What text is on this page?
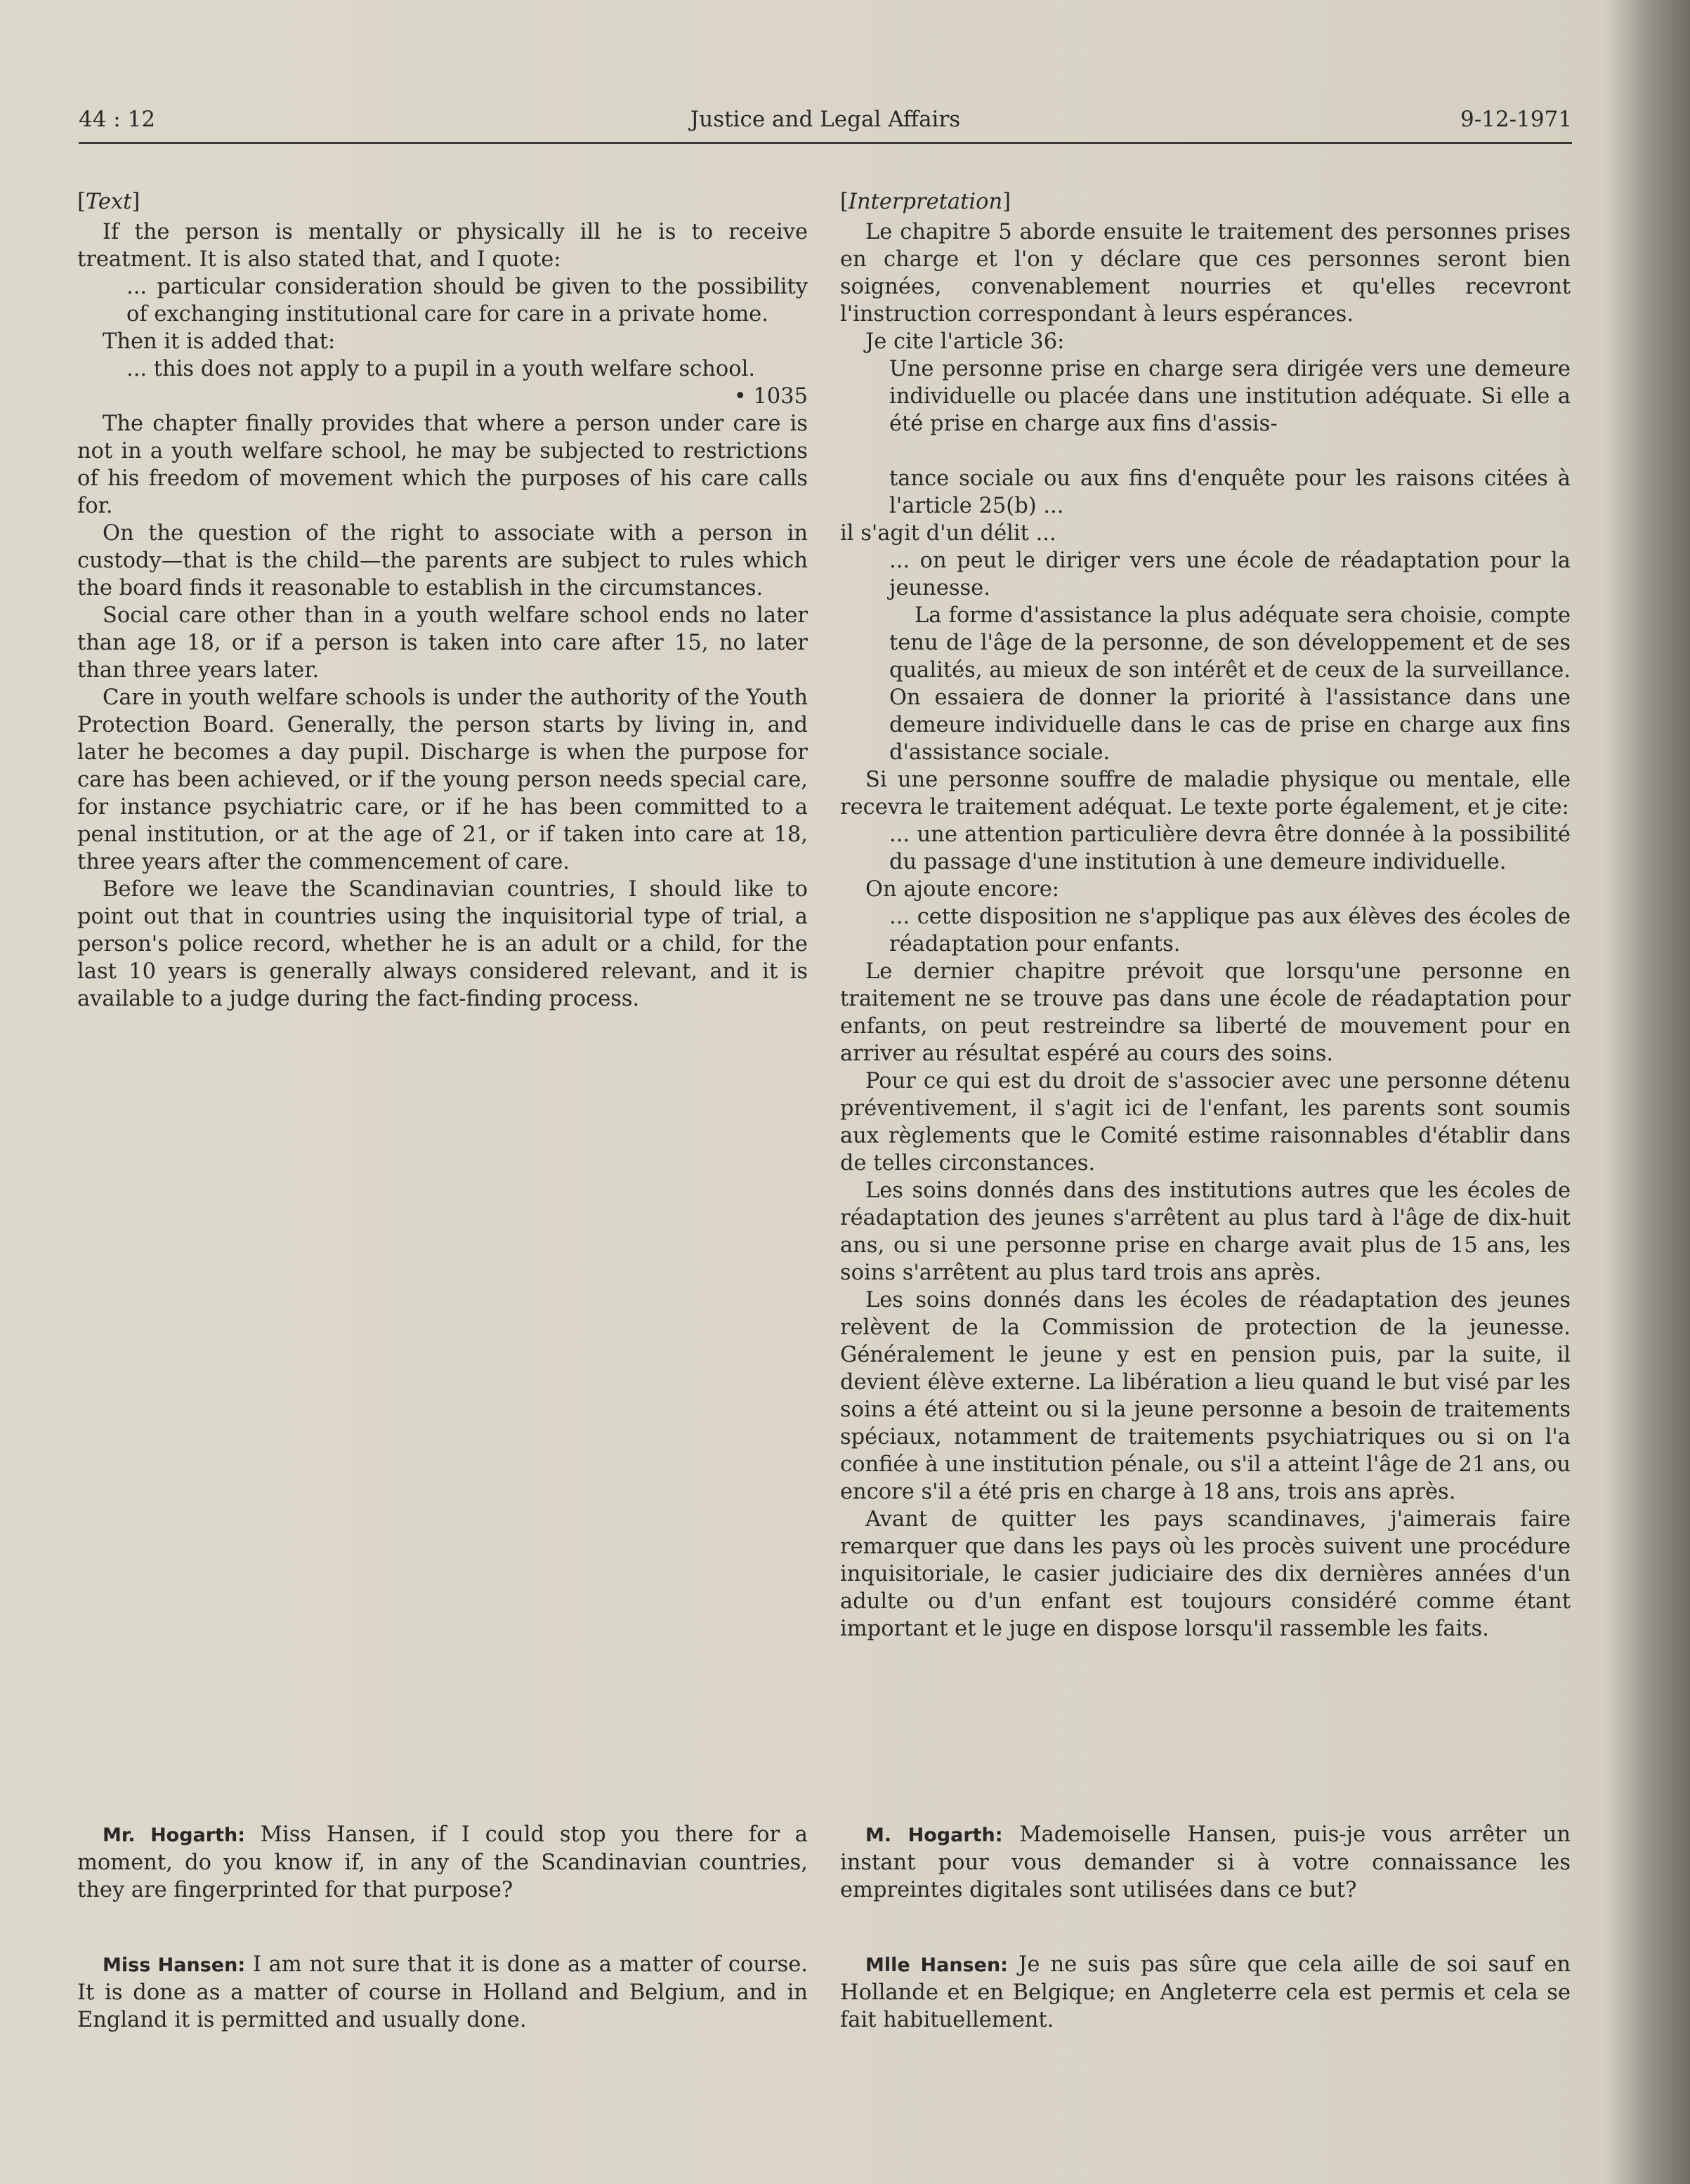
44 : 12	Justice and Legal Affairs	9-12-1971

[Text]

If the person is mentally or physically ill he is to receive treatment. It is also stated that, and I quote:

... particular consideration should be given to the possibility of exchanging institutional care for care in a private home.

Then it is added that:

... this does not apply to a pupil in a youth welfare school.

• 1035

The chapter finally provides that where a person under care is not in a youth welfare school, he may be subjected to restrictions of his freedom of movement which the purposes of his care calls for.

On the question of the right to associate with a person in custody—that is the child—the parents are subject to rules which the board finds it reasonable to establish in the circumstances.

Social care other than in a youth welfare school ends no later than age 18, or if a person is taken into care after 15, no later than three years later.

Care in youth welfare schools is under the authority of the Youth Protection Board. Generally, the person starts by living in, and later he becomes a day pupil. Discharge is when the purpose for care has been achieved, or if the young person needs special care, for instance psychiatric care, or if he has been committed to a penal institution, or at the age of 21, or if taken into care at 18, three years after the commencement of care.

Before we leave the Scandinavian countries, I should like to point out that in countries using the inquisitorial type of trial, a person's police record, whether he is an adult or a child, for the last 10 years is generally always considered relevant, and it is available to a judge during the fact-finding process.

[Interpretation]

Le chapitre 5 aborde ensuite le traitement des personnes prises en charge et l'on y déclare que ces personnes seront bien soignées, convenablement nourries et qu'elles recevront l'instruction correspondant à leurs espérances.

Je cite l'article 36:

Une personne prise en charge sera dirigée vers une demeure individuelle ou placée dans une institution adéquate. Si elle a été prise en charge aux fins d'assis-

tance sociale ou aux fins d'enquête pour les raisons citées à l'article 25(b) ...

il s'agit d'un délit ...

... on peut le diriger vers une école de réadaptation pour la jeunesse.

La forme d'assistance la plus adéquate sera choisie, compte tenu de l'âge de la personne, de son développement et de ses qualités, au mieux de son intérêt et de ceux de la surveillance. On essaiera de donner la priorité à l'assistance dans une demeure individuelle dans le cas de prise en charge aux fins d'assistance sociale.

Si une personne souffre de maladie physique ou mentale, elle recevra le traitement adéquat. Le texte porte également, et je cite:

... une attention particulière devra être donnée à la possibilité du passage d'une institution à une demeure individuelle.

On ajoute encore:

... cette disposition ne s'applique pas aux élèves des écoles de réadaptation pour enfants.

Le dernier chapitre prévoit que lorsqu'une personne en traitement ne se trouve pas dans une école de réadaptation pour enfants, on peut restreindre sa liberté de mouvement pour en arriver au résultat espéré au cours des soins.

Pour ce qui est du droit de s'associer avec une personne détenu préventivement, il s'agit ici de l'enfant, les parents sont soumis aux règlements que le Comité estime raisonnables d'établir dans de telles circonstances.

Les soins donnés dans des institutions autres que les écoles de réadaptation des jeunes s'arrêtent au plus tard à l'âge de dix-huit ans, ou si une personne prise en charge avait plus de 15 ans, les soins s'arrêtent au plus tard trois ans après.

Les soins donnés dans les écoles de réadaptation des jeunes relèvent de la Commission de protection de la jeunesse. Généralement le jeune y est en pension puis, par la suite, il devient élève externe. La libération a lieu quand le but visé par les soins a été atteint ou si la jeune personne a besoin de traitements spéciaux, notamment de traitements psychiatriques ou si on l'a confiée à une institution pénale, ou s'il a atteint l'âge de 21 ans, ou encore s'il a été pris en charge à 18 ans, trois ans après.

Avant de quitter les pays scandinaves, j'aimerais faire remarquer que dans les pays où les procès suivent une procédure inquisitoriale, le casier judiciaire des dix dernières années d'un adulte ou d'un enfant est toujours considéré comme étant important et le juge en dispose lorsqu'il rassemble les faits.

Mr. Hogarth: Miss Hansen, if I could stop you there for a moment, do you know if, in any of the Scandinavian countries, they are fingerprinted for that purpose?

M. Hogarth: Mademoiselle Hansen, puis-je vous arrêter un instant pour vous demander si à votre connaissance les empreintes digitales sont utilisées dans ce but?

Miss Hansen: I am not sure that it is done as a matter of course. It is done as a matter of course in Holland and Belgium, and in England it is permitted and usually done.

Mlle Hansen: Je ne suis pas sûre que cela aille de soi sauf en Hollande et en Belgique; en Angleterre cela est permis et cela se fait habituellement.
